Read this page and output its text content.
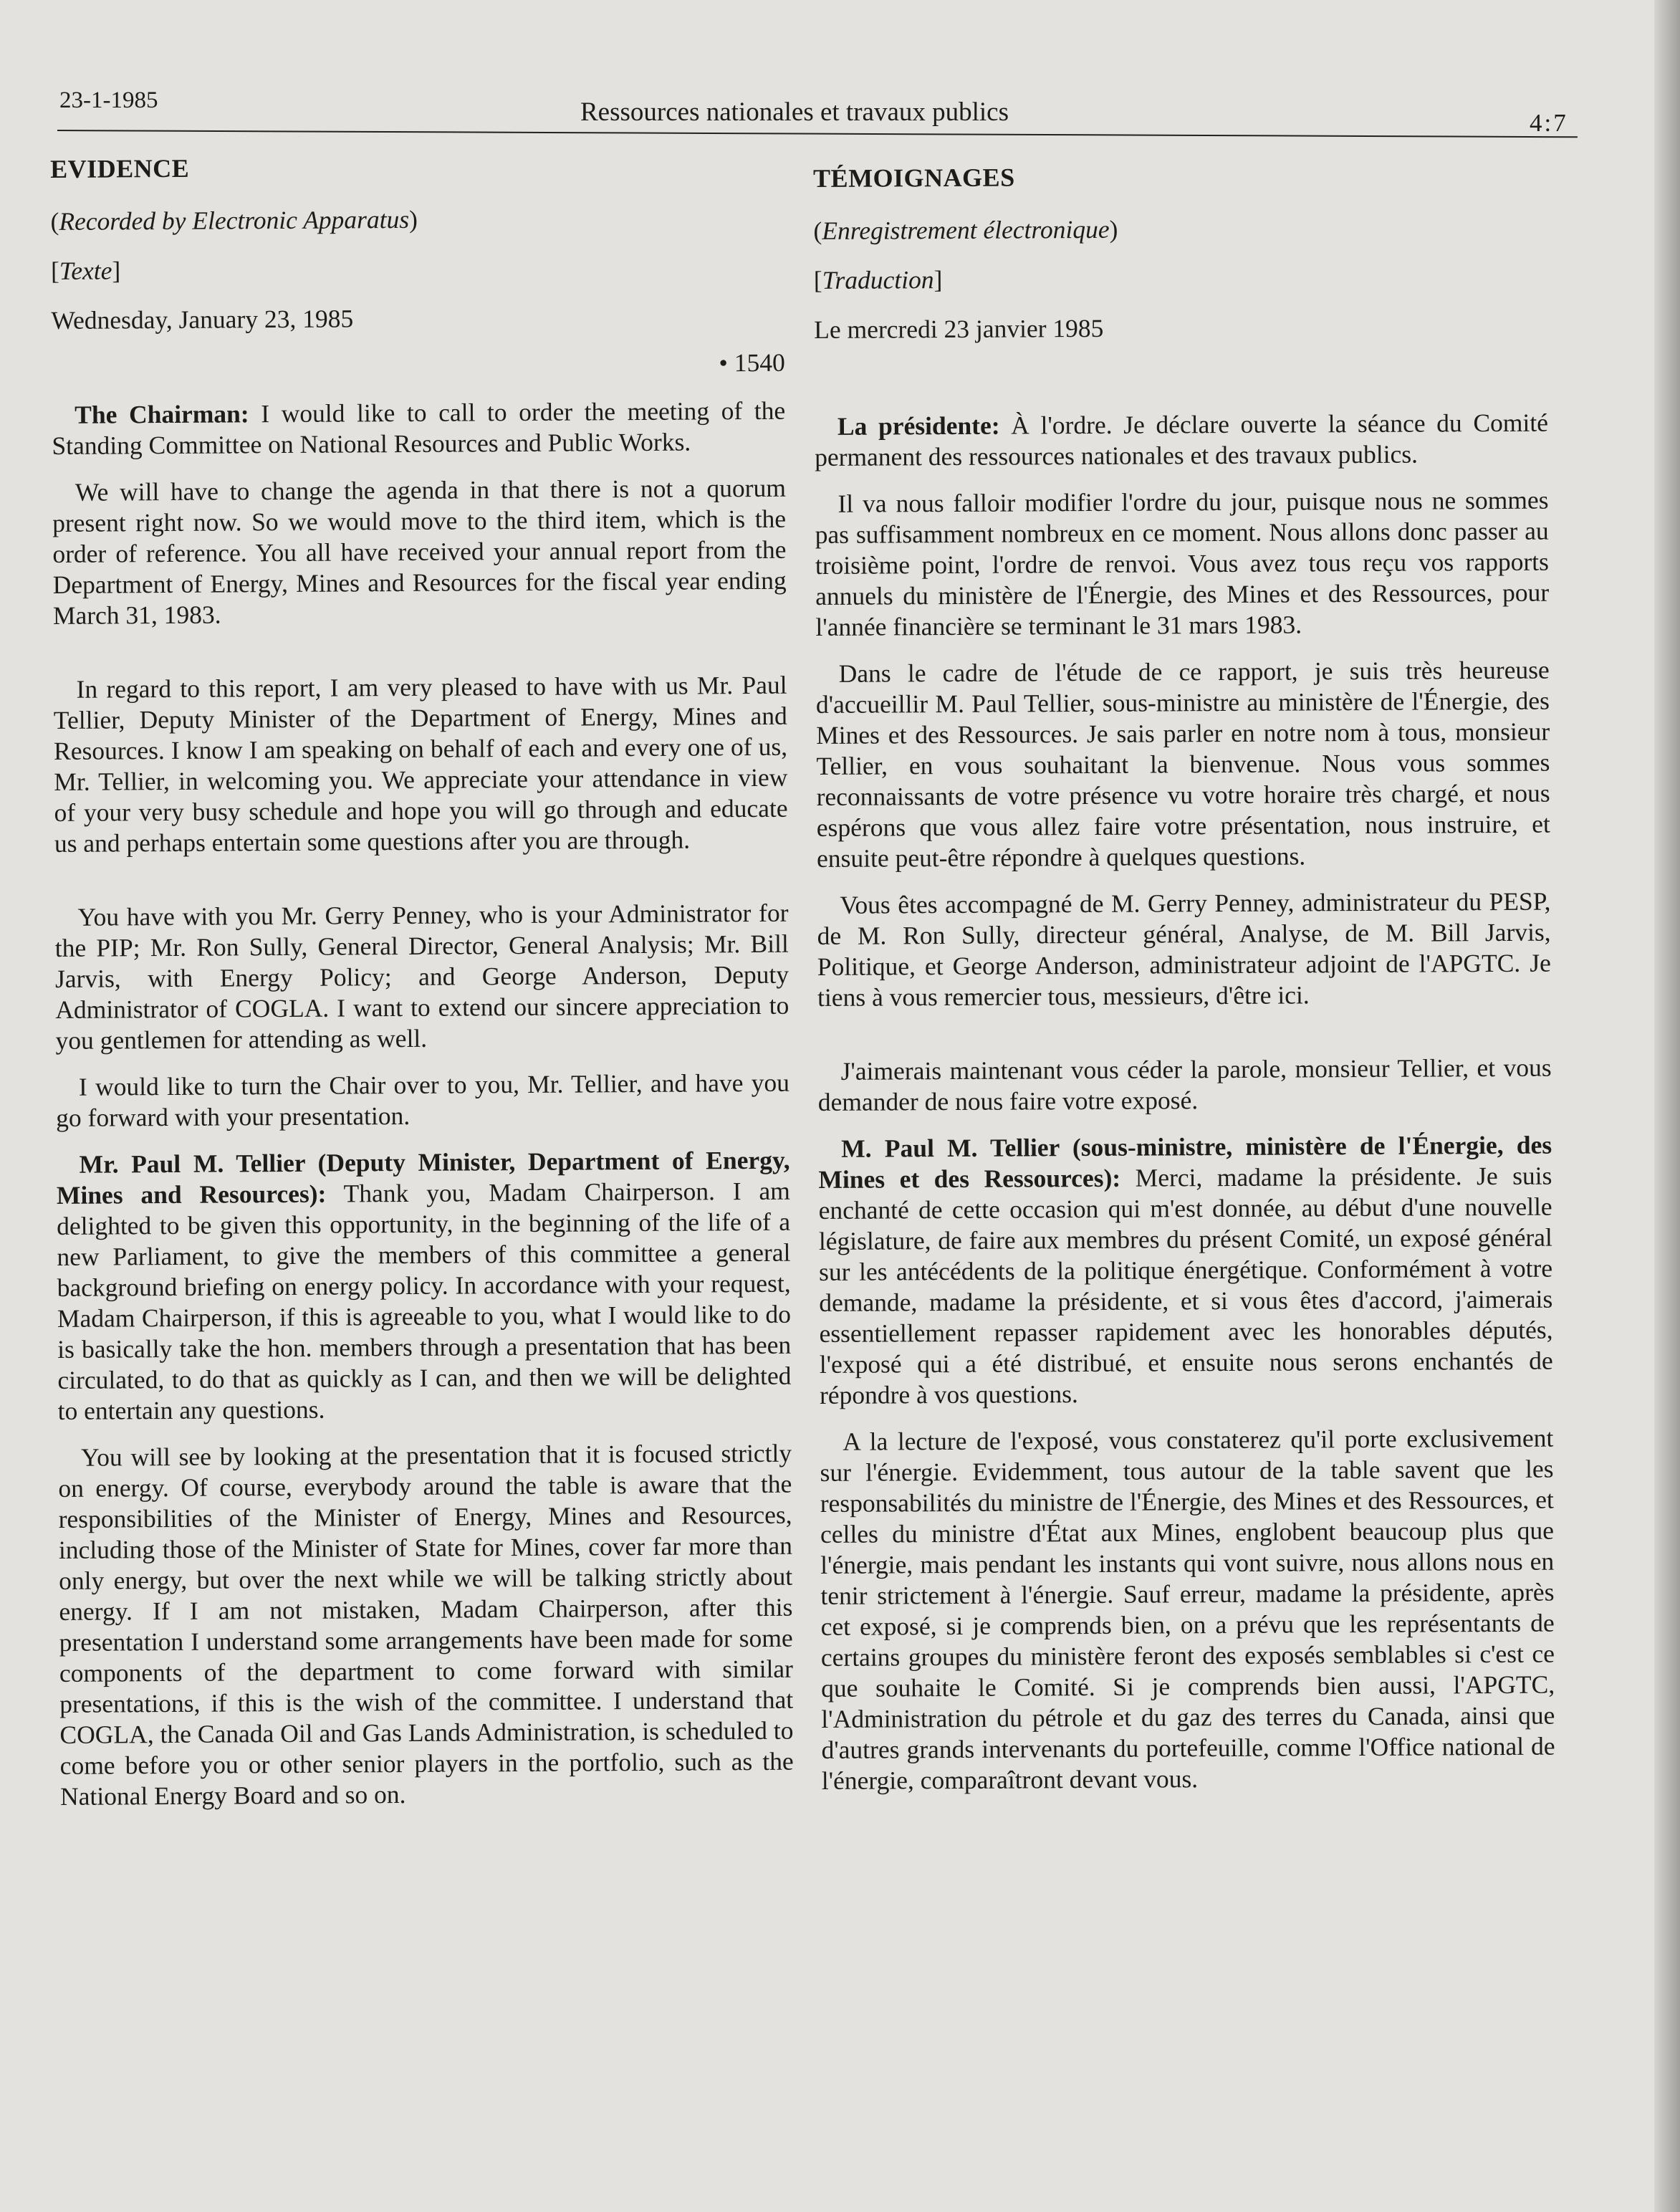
23-1-1985	Ressources nationales et travaux publics	4:7

EVIDENCE

(Recorded by Electronic Apparatus)

[Texte]

Wednesday, January 23, 1985

• 1540

The Chairman: I would like to call to order the meeting of the Standing Committee on National Resources and Public Works.

We will have to change the agenda in that there is not a quorum present right now. So we would move to the third item, which is the order of reference. You all have received your annual report from the Department of Energy, Mines and Resources for the fiscal year ending March 31, 1983.

In regard to this report, I am very pleased to have with us Mr. Paul Tellier, Deputy Minister of the Department of Energy, Mines and Resources. I know I am speaking on behalf of each and every one of us, Mr. Tellier, in welcoming you. We appreciate your attendance in view of your very busy schedule and hope you will go through and educate us and perhaps entertain some questions after you are through.

You have with you Mr. Gerry Penney, who is your Administrator for the PIP; Mr. Ron Sully, General Director, General Analysis; Mr. Bill Jarvis, with Energy Policy; and George Anderson, Deputy Administrator of COGLA. I want to extend our sincere appreciation to you gentlemen for attending as well.

I would like to turn the Chair over to you, Mr. Tellier, and have you go forward with your presentation.

Mr. Paul M. Tellier (Deputy Minister, Department of Energy, Mines and Resources): Thank you, Madam Chairperson. I am delighted to be given this opportunity, in the beginning of the life of a new Parliament, to give the members of this committee a general background briefing on energy policy. In accordance with your request, Madam Chairperson, if this is agreeable to you, what I would like to do is basically take the hon. members through a presentation that has been circulated, to do that as quickly as I can, and then we will be delighted to entertain any questions.

You will see by looking at the presentation that it is focused strictly on energy. Of course, everybody around the table is aware that the responsibilities of the Minister of Energy, Mines and Resources, including those of the Minister of State for Mines, cover far more than only energy, but over the next while we will be talking strictly about energy. If I am not mistaken, Madam Chairperson, after this presentation I understand some arrangements have been made for some components of the department to come forward with similar presentations, if this is the wish of the committee. I understand that COGLA, the Canada Oil and Gas Lands Administration, is scheduled to come before you or other senior players in the portfolio, such as the National Energy Board and so on.

TÉMOIGNAGES

(Enregistrement électronique)

[Traduction]

Le mercredi 23 janvier 1985

La présidente: À l'ordre. Je déclare ouverte la séance du Comité permanent des ressources nationales et des travaux publics.

Il va nous falloir modifier l'ordre du jour, puisque nous ne sommes pas suffisamment nombreux en ce moment. Nous allons donc passer au troisième point, l'ordre de renvoi. Vous avez tous reçu vos rapports annuels du ministère de l'Énergie, des Mines et des Ressources, pour l'année financière se terminant le 31 mars 1983.

Dans le cadre de l'étude de ce rapport, je suis très heureuse d'accueillir M. Paul Tellier, sous-ministre au ministère de l'Énergie, des Mines et des Ressources. Je sais parler en notre nom à tous, monsieur Tellier, en vous souhaitant la bienvenue. Nous vous sommes reconnaissants de votre présence vu votre horaire très chargé, et nous espérons que vous allez faire votre présentation, nous instruire, et ensuite peut-être répondre à quelques questions.

Vous êtes accompagné de M. Gerry Penney, administrateur du PESP, de M. Ron Sully, directeur général, Analyse, de M. Bill Jarvis, Politique, et George Anderson, administrateur adjoint de l'APGTC. Je tiens à vous remercier tous, messieurs, d'être ici.

J'aimerais maintenant vous céder la parole, monsieur Tellier, et vous demander de nous faire votre exposé.

M. Paul M. Tellier (sous-ministre, ministère de l'Énergie, des Mines et des Ressources): Merci, madame la présidente. Je suis enchanté de cette occasion qui m'est donnée, au début d'une nouvelle législature, de faire aux membres du présent Comité, un exposé général sur les antécédents de la politique énergétique. Conformément à votre demande, madame la présidente, et si vous êtes d'accord, j'aimerais essentiellement repasser rapidement avec les honorables députés, l'exposé qui a été distribué, et ensuite nous serons enchantés de répondre à vos questions.

A la lecture de l'exposé, vous constaterez qu'il porte exclusivement sur l'énergie. Evidemment, tous autour de la table savent que les responsabilités du ministre de l'Énergie, des Mines et des Ressources, et celles du ministre d'État aux Mines, englobent beaucoup plus que l'énergie, mais pendant les instants qui vont suivre, nous allons nous en tenir strictement à l'énergie. Sauf erreur, madame la présidente, après cet exposé, si je comprends bien, on a prévu que les représentants de certains groupes du ministère feront des exposés semblables si c'est ce que souhaite le Comité. Si je comprends bien aussi, l'APGTC, l'Administration du pétrole et du gaz des terres du Canada, ainsi que d'autres grands intervenants du portefeuille, comme l'Office national de l'énergie, comparaîtront devant vous.
